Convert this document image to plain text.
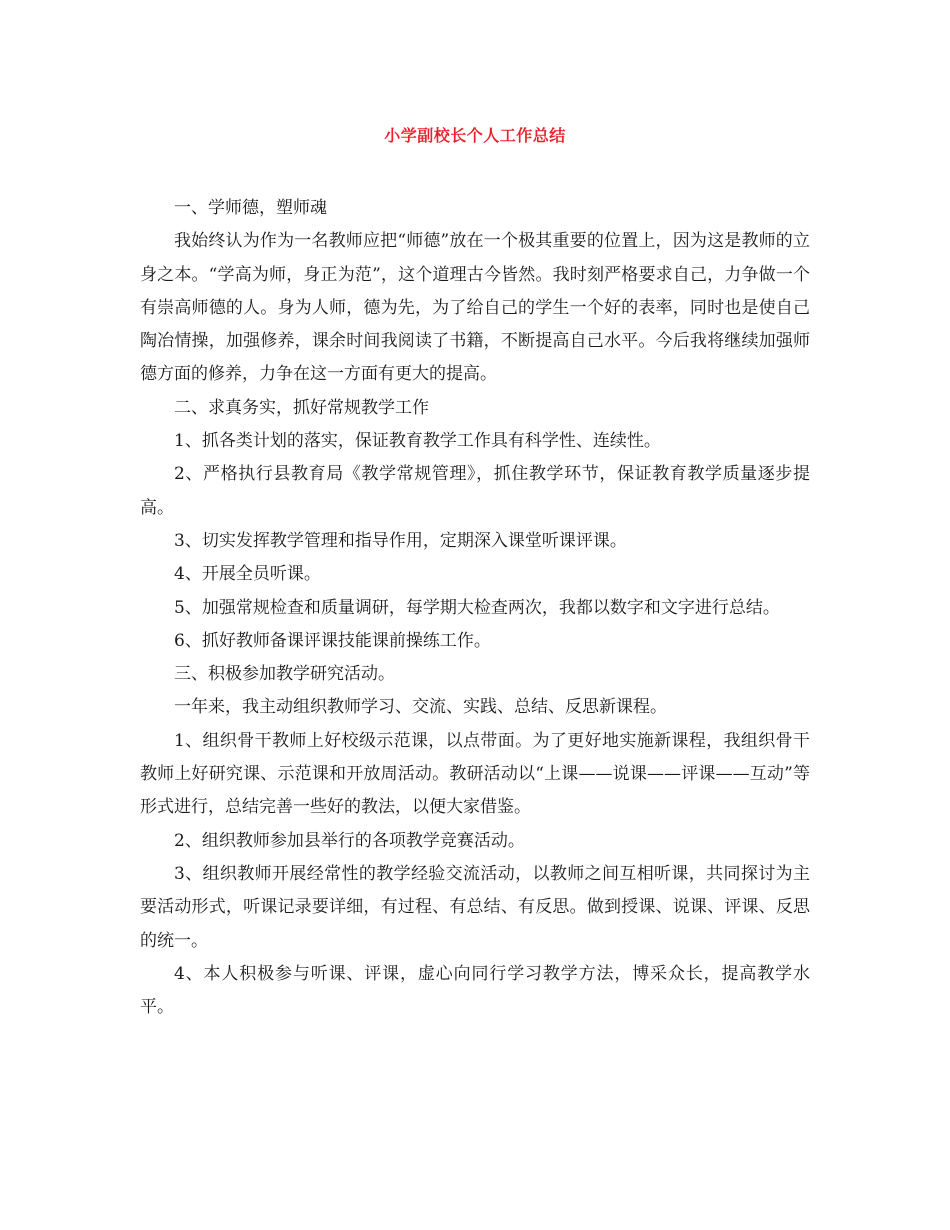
小学副校长个人工作总结

一、学师德，塑师魂

我始终认为作为一名教师应把“师德”放在一个极其重要的位置上，因为这是教师的立身之本。“学高为师，身正为范”，这个道理古今皆然。我时刻严格要求自己，力争做一个有崇高师德的人。身为人师，德为先，为了给自己的学生一个好的表率，同时也是使自己陶冶情操，加强修养，课余时间我阅读了书籍，不断提高自己水平。今后我将继续加强师德方面的修养，力争在这一方面有更大的提高。

二、求真务实，抓好常规教学工作

1、抓各类计划的落实，保证教育教学工作具有科学性、连续性。

2、严格执行县教育局《教学常规管理》，抓住教学环节，保证教育教学质量逐步提高。

3、切实发挥教学管理和指导作用，定期深入课堂听课评课。

4、开展全员听课。

5、加强常规检查和质量调研，每学期大检查两次，我都以数字和文字进行总结。

6、抓好教师备课评课技能课前操练工作。

三、积极参加教学研究活动。

一年来，我主动组织教师学习、交流、实践、总结、反思新课程。

1、组织骨干教师上好校级示范课，以点带面。为了更好地实施新课程，我组织骨干教师上好研究课、示范课和开放周活动。教研活动以“上课——说课——评课——互动”等形式进行，总结完善一些好的教法，以便大家借鉴。

2、组织教师参加县举行的各项教学竞赛活动。

3、组织教师开展经常性的教学经验交流活动，以教师之间互相听课，共同探讨为主要活动形式，听课记录要详细，有过程、有总结、有反思。做到授课、说课、评课、反思的统一。

4、本人积极参与听课、评课，虚心向同行学习教学方法，博采众长，提高教学水平。
